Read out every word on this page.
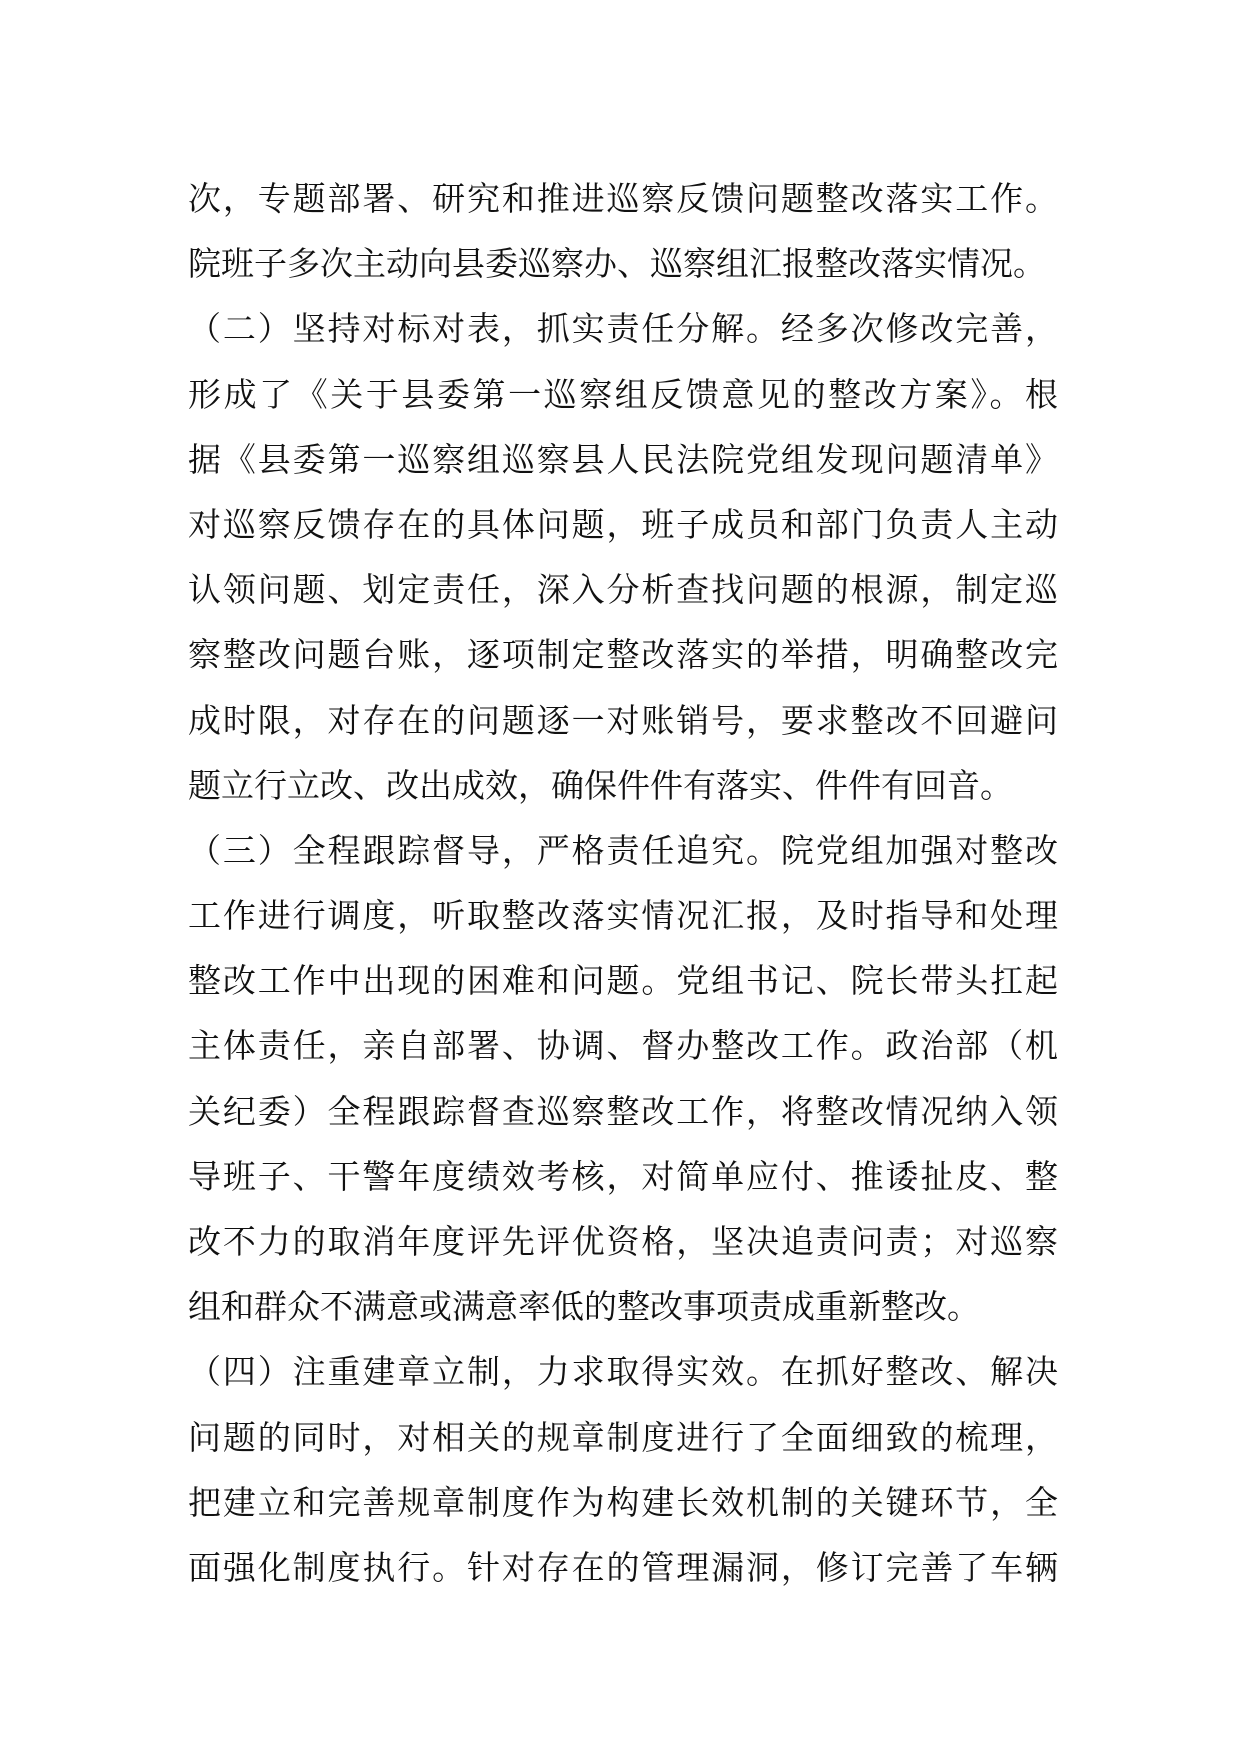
次，专题部署、研究和推进巡察反馈问题整改落实工作。
院班子多次主动向县委巡察办、巡察组汇报整改落实情况。
（二）坚持对标对表，抓实责任分解。经多次修改完善，
形成了《关于县委第一巡察组反馈意见的整改方案》。根
据《县委第一巡察组巡察县人民法院党组发现问题清单》
对巡察反馈存在的具体问题，班子成员和部门负责人主动
认领问题、划定责任，深入分析查找问题的根源，制定巡
察整改问题台账，逐项制定整改落实的举措，明确整改完
成时限，对存在的问题逐一对账销号，要求整改不回避问
题立行立改、改出成效，确保件件有落实、件件有回音。
（三）全程跟踪督导，严格责任追究。院党组加强对整改
工作进行调度，听取整改落实情况汇报，及时指导和处理
整改工作中出现的困难和问题。党组书记、院长带头扛起
主体责任，亲自部署、协调、督办整改工作。政治部（机
关纪委）全程跟踪督查巡察整改工作，将整改情况纳入领
导班子、干警年度绩效考核，对简单应付、推诿扯皮、整
改不力的取消年度评先评优资格，坚决追责问责；对巡察
组和群众不满意或满意率低的整改事项责成重新整改。
（四）注重建章立制，力求取得实效。在抓好整改、解决
问题的同时，对相关的规章制度进行了全面细致的梳理，
把建立和完善规章制度作为构建长效机制的关键环节，全
面强化制度执行。针对存在的管理漏洞，修订完善了车辆
